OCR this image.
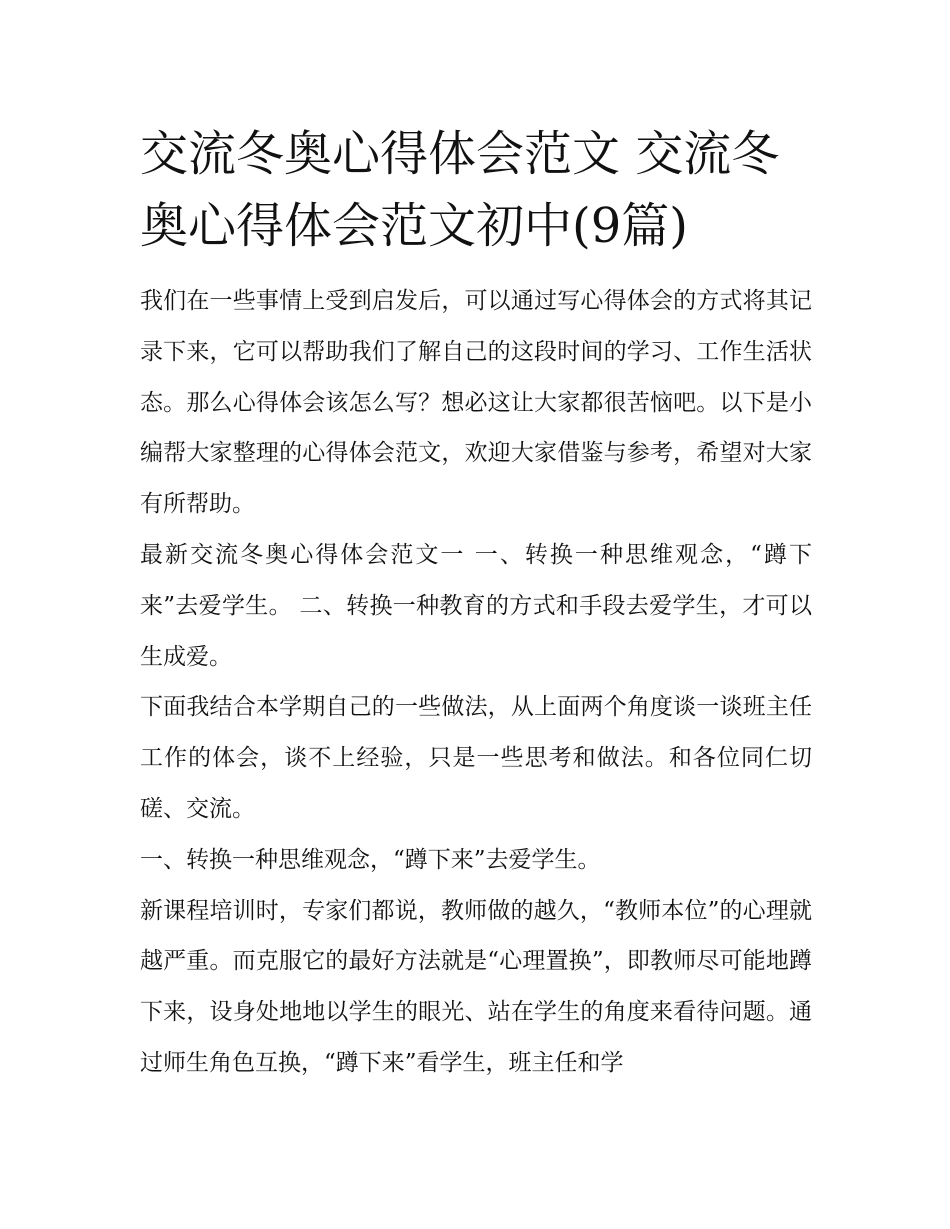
交流冬奥心得体会范文 交流冬奥心得体会范文初中(9篇)

我们在一些事情上受到启发后，可以通过写心得体会的方式将其记录下来，它可以帮助我们了解自己的这段时间的学习、工作生活状态。那么心得体会该怎么写？想必这让大家都很苦恼吧。以下是小编帮大家整理的心得体会范文，欢迎大家借鉴与参考，希望对大家有所帮助。

最新交流冬奥心得体会范文一 一、转换一种思维观念，“蹲下来”去爱学生。 二、转换一种教育的方式和手段去爱学生，才可以生成爱。

下面我结合本学期自己的一些做法，从上面两个角度谈一谈班主任工作的体会，谈不上经验，只是一些思考和做法。和各位同仁切磋、交流。

一、转换一种思维观念，“蹲下来”去爱学生。

新课程培训时，专家们都说，教师做的越久，“教师本位”的心理就越严重。而克服它的最好方法就是“心理置换”，即教师尽可能地蹲下来，设身处地地以学生的眼光、站在学生的角度来看待问题。通过师生角色互换，“蹲下来”看学生，班主任和学
